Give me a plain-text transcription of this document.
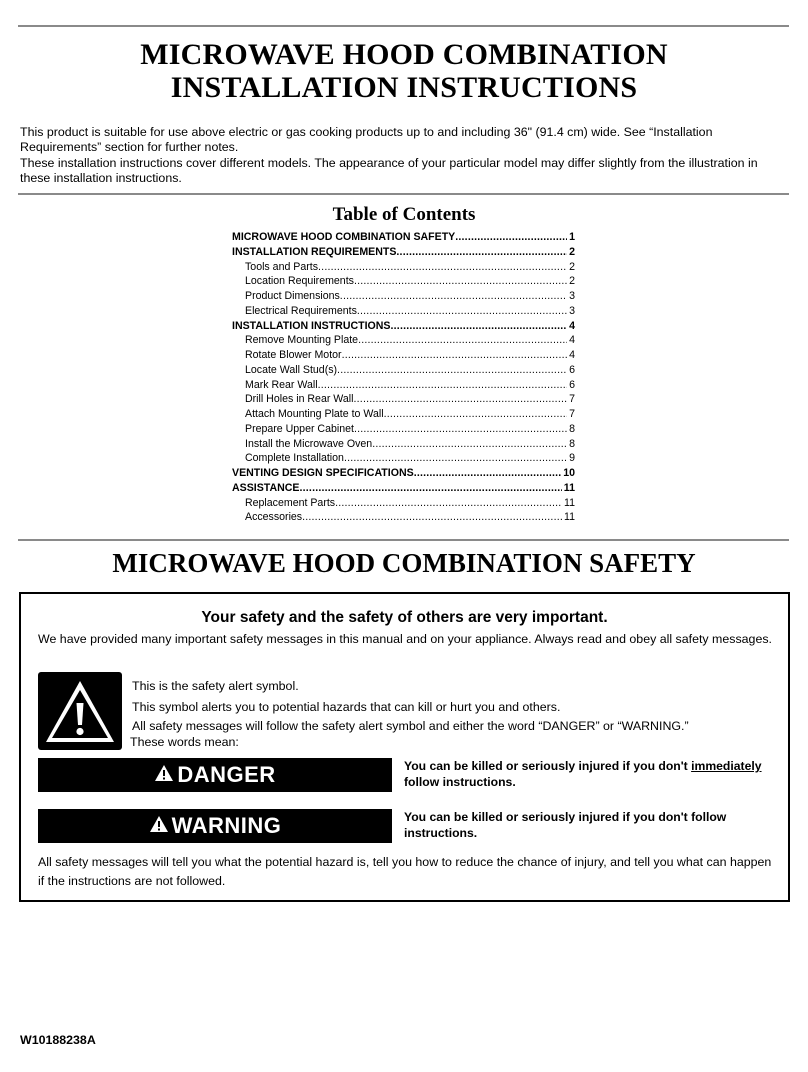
MICROWAVE HOOD COMBINATION
INSTALLATION INSTRUCTIONS

This product is suitable for use above electric or gas cooking products up to and including 36" (91.4 cm) wide. See “Installation Requirements” section for further notes.

These installation instructions cover different models. The appearance of your particular model may differ slightly from the illustration in these installation instructions.

Table of Contents
MICROWAVE HOOD COMBINATION SAFETY .....	1
INSTALLATION REQUIREMENTS .....	2
Tools and Parts .....	2
Location Requirements .....	2
Product Dimensions .....	3
Electrical Requirements .....	3
INSTALLATION INSTRUCTIONS .....	4
Remove Mounting Plate .....	4
Rotate Blower Motor .....	4
Locate Wall Stud(s) .....	6
Mark Rear Wall .....	6
Drill Holes in Rear Wall .....	7
Attach Mounting Plate to Wall .....	7
Prepare Upper Cabinet .....	8
Install the Microwave Oven .....	8
Complete Installation .....	9
VENTING DESIGN SPECIFICATIONS .....	10
ASSISTANCE .....	11
Replacement Parts .....	11
Accessories .....	11
MICROWAVE HOOD COMBINATION SAFETY
Your safety and the safety of others are very important.
We have provided many important safety messages in this manual and on your appliance. Always read and obey all safety messages.
This is the safety alert symbol.
This symbol alerts you to potential hazards that can kill or hurt you and others.
All safety messages will follow the safety alert symbol and either the word “DANGER” or “WARNING.”
These words mean:
DANGER	You can be killed or seriously injured if you don't immediately
follow instructions.
WARNING	You can be killed or seriously injured if you don't follow instructions.
All safety messages will tell you what the potential hazard is, tell you how to reduce the chance of injury, and tell you what can happen if the instructions are not followed.
W10188238A
